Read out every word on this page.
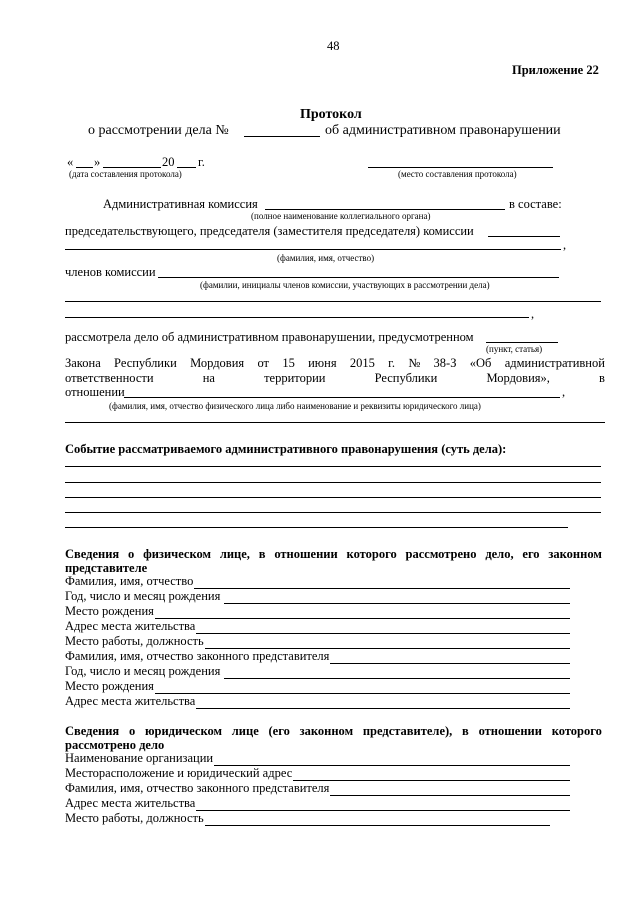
48
Приложение 22
Протокол
о рассмотрении дела №	об административном правонарушении
« »	20 г.
(дата составления протокола)	(место составления протокола)
Административная комиссия	в составе:
(полное наименование коллегиального органа)
председательствующего, председателя (заместителя председателя) комиссии
,
(фамилия, имя, отчество)
членов комиссии
(фамилии, инициалы членов комиссии, участвующих в рассмотрении дела)
,
рассмотрела дело об административном правонарушении, предусмотренном
(пункт, статья)
Закона Республики Мордовия от 15 июня 2015 г. № 38-З «Об административной
ответственности	на	территории	Республики	Мордовия»,	в
отношении	,
(фамилия, имя, отчество физического лица либо наименование и реквизиты юридического лица)
Событие рассматриваемого административного правонарушения (суть дела):
Сведения о физическом лице, в отношении которого рассмотрено дело, его законном
представителе
Фамилия, имя, отчество
Год, число и месяц рождения
Место рождения
Адрес места жительства
Место работы, должность
Фамилия, имя, отчество законного представителя
Год, число и месяц рождения
Место рождения
Адрес места жительства
Сведения о юридическом лице (его законном представителе), в отношении которого
рассмотрено дело
Наименование организации
Месторасположение и юридический адрес
Фамилия, имя, отчество законного представителя
Адрес места жительства
Место работы, должность
